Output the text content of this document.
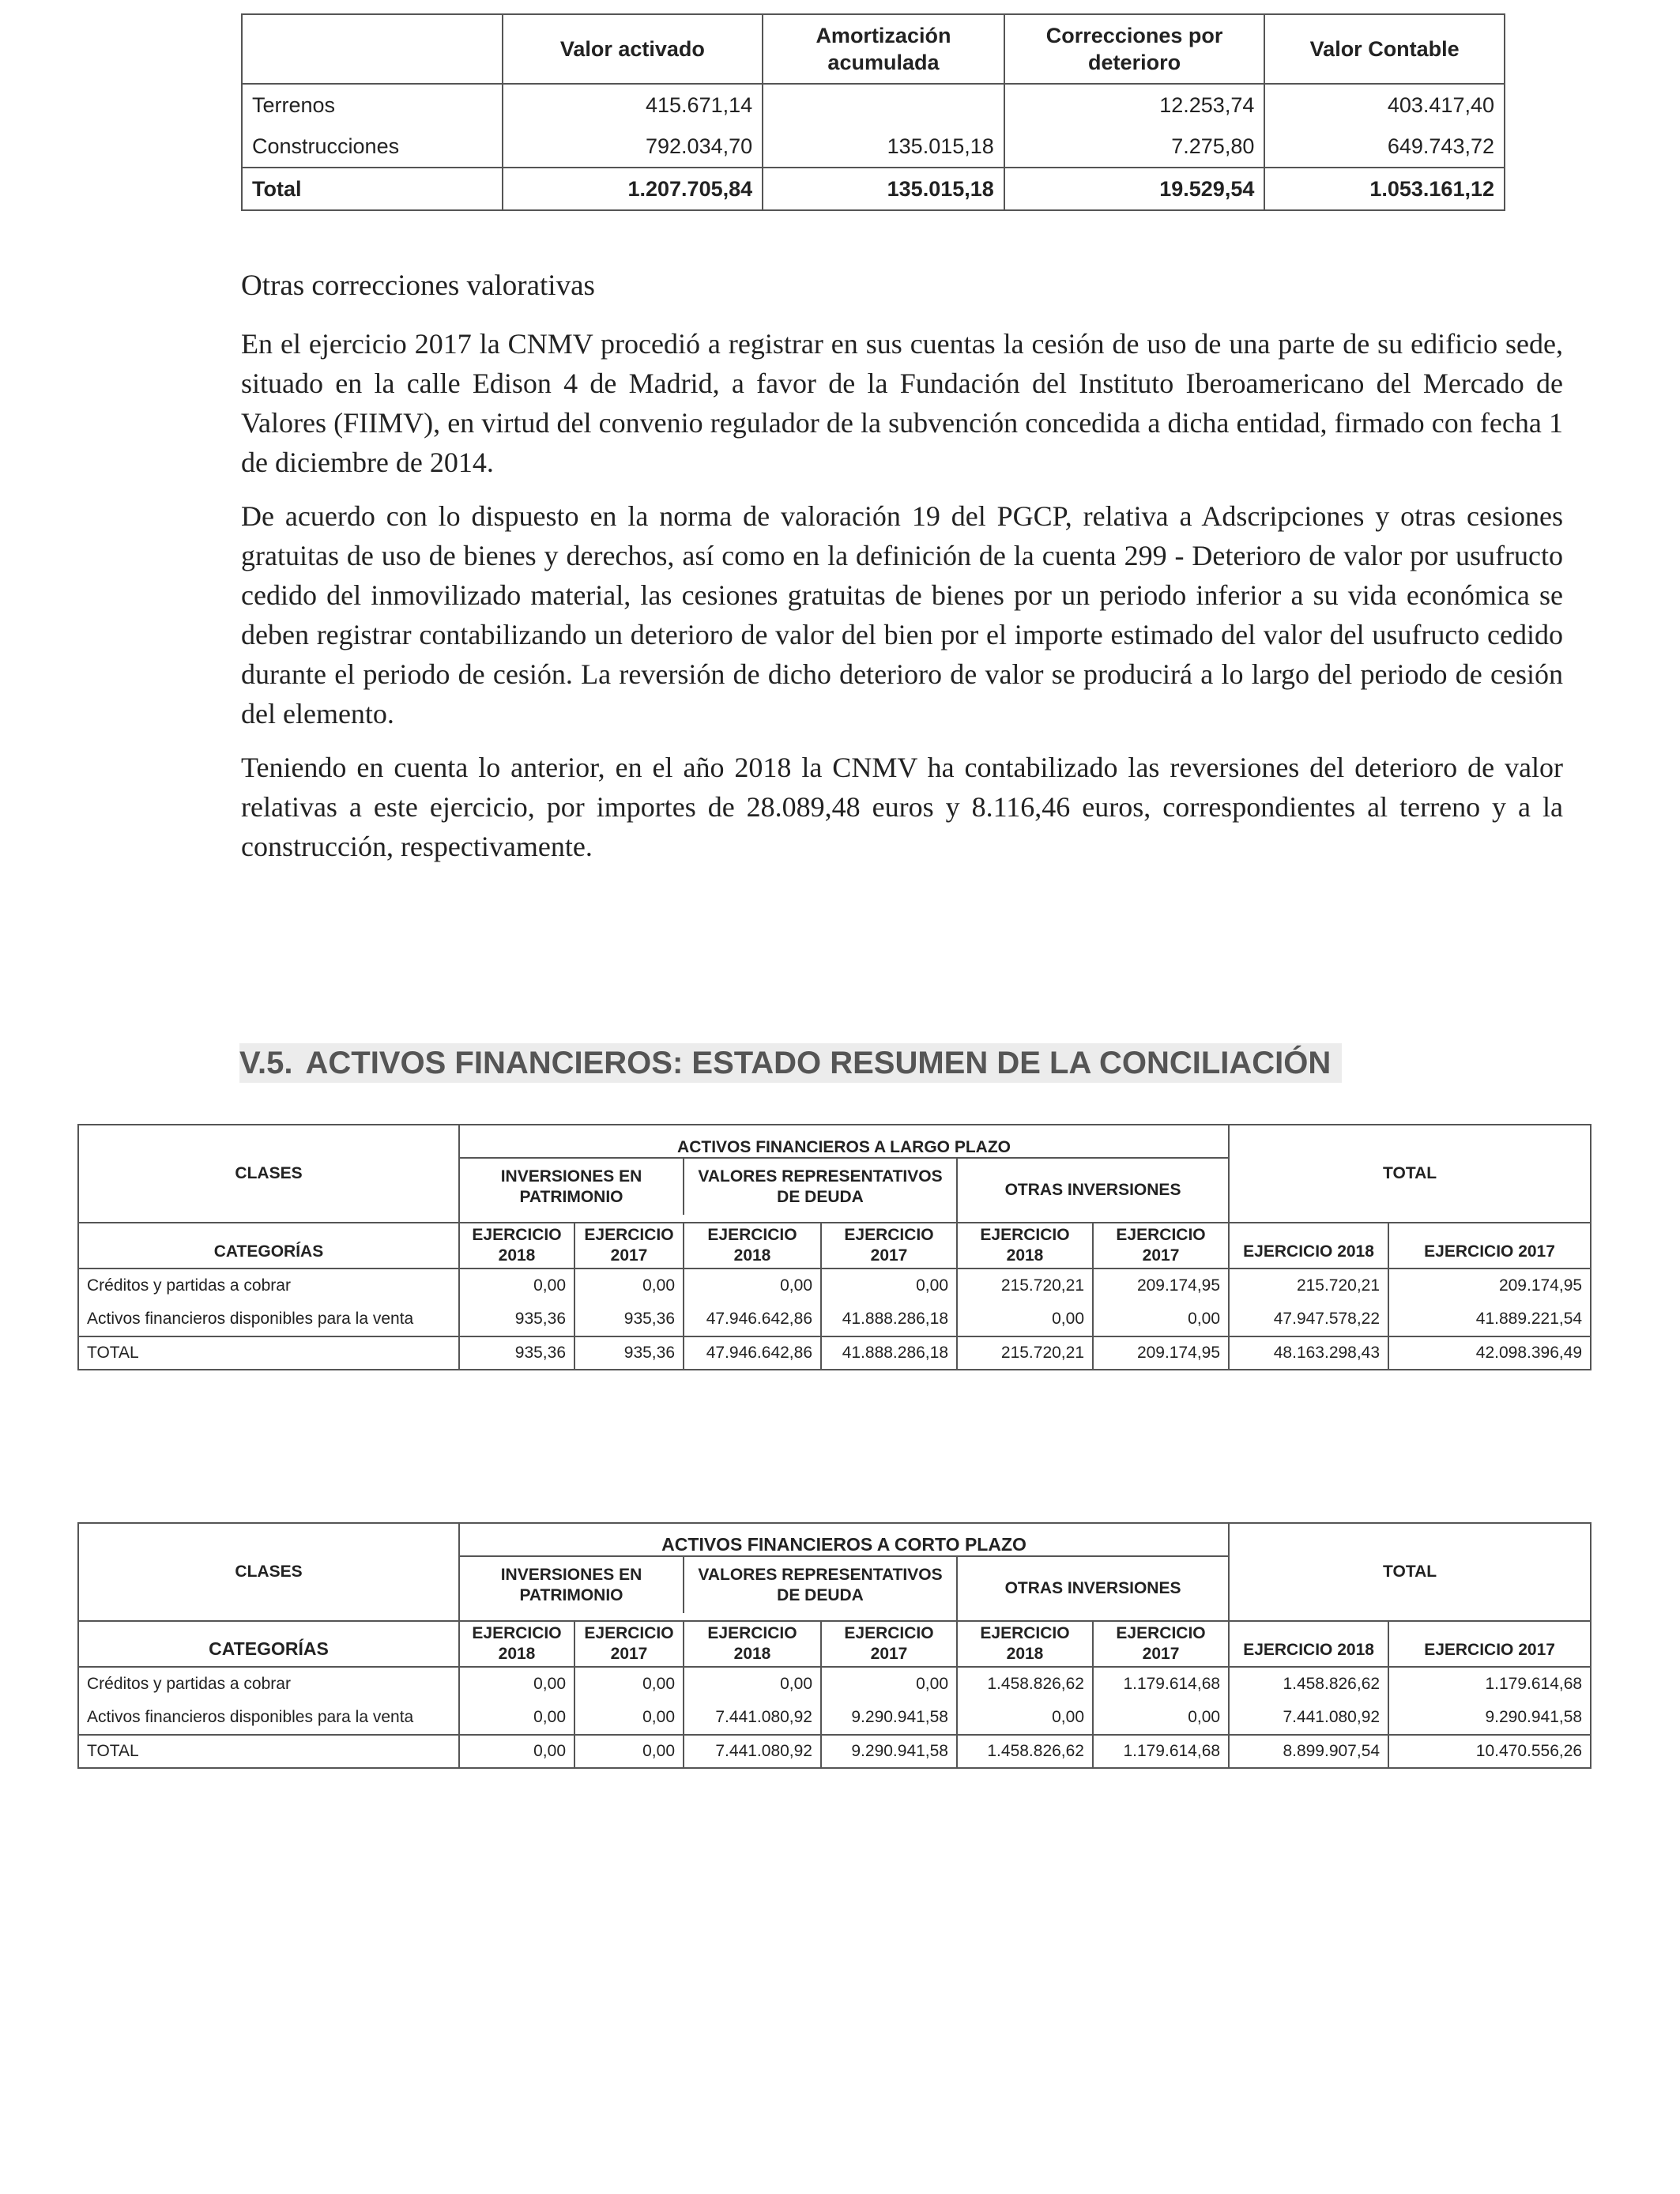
	Valor activado	Amortización acumulada	Correcciones por deterioro	Valor Contable
Terrenos	415.671,14		12.253,74	403.417,40
Construcciones	792.034,70	135.015,18	7.275,80	649.743,72
Total	1.207.705,84	135.015,18	19.529,54	1.053.161,12
Otras correcciones valorativas

En el ejercicio 2017 la CNMV procedió a registrar en sus cuentas la cesión de uso de una parte de su edificio sede, situado en la calle Edison 4 de Madrid, a favor de la Fundación del Instituto Iberoamericano del Mercado de Valores (FIIMV), en virtud del convenio regulador de la subvención concedida a dicha entidad, firmado con fecha 1 de diciembre de 2014.

De acuerdo con lo dispuesto en la norma de valoración 19 del PGCP, relativa a Adscripciones y otras cesiones gratuitas de uso de bienes y derechos, así como en la definición de la cuenta 299 - Deterioro de valor por usufructo cedido del inmovilizado material, las cesiones gratuitas de bienes por un periodo inferior a su vida económica se deben registrar contabilizando un deterioro de valor del bien por el importe estimado del valor del usufructo cedido durante el periodo de cesión. La reversión de dicho deterioro de valor se producirá a lo largo del periodo de cesión del elemento.

Teniendo en cuenta lo anterior, en el año 2018 la CNMV ha contabilizado las reversiones del deterioro de valor relativas a este ejercicio, por importes de 28.089,48 euros y 8.116,46 euros, correspondientes al terreno y a la construcción, respectivamente.

V.5. ACTIVOS FINANCIEROS: ESTADO RESUMEN DE LA CONCILIACIÓN
CLASES	ACTIVOS FINANCIEROS A LARGO PLAZO						TOTAL	
	INVERSIONES EN PATRIMONIO		VALORES REPRESENTATIVOS DE DEUDA		OTRAS INVERSIONES			

CATEGORÍAS	EJERCICIO 2018	EJERCICIO 2017	EJERCICIO 2018	EJERCICIO 2017	EJERCICIO 2018	EJERCICIO 2017	EJERCICIO 2018	EJERCICIO 2017
Créditos y partidas a cobrar	0,00	0,00	0,00	0,00	215.720,21	209.174,95	215.720,21	209.174,95
Activos financieros disponibles para la venta	935,36	935,36	47.946.642,86	41.888.286,18	0,00	0,00	47.947.578,22	41.889.221,54
TOTAL	935,36	935,36	47.946.642,86	41.888.286,18	215.720,21	209.174,95	48.163.298,43	42.098.396,49
CLASES	ACTIVOS FINANCIEROS A CORTO PLAZO						TOTAL	
	INVERSIONES EN PATRIMONIO		VALORES REPRESENTATIVOS DE DEUDA		OTRAS INVERSIONES			

CATEGORÍAS	EJERCICIO 2018	EJERCICIO 2017	EJERCICIO 2018	EJERCICIO 2017	EJERCICIO 2018	EJERCICIO 2017	EJERCICIO 2018	EJERCICIO 2017
Créditos y partidas a cobrar	0,00	0,00	0,00	0,00	1.458.826,62	1.179.614,68	1.458.826,62	1.179.614,68
Activos financieros disponibles para la venta	0,00	0,00	7.441.080,92	9.290.941,58	0,00	0,00	7.441.080,92	9.290.941,58
TOTAL	0,00	0,00	7.441.080,92	9.290.941,58	1.458.826,62	1.179.614,68	8.899.907,54	10.470.556,26
